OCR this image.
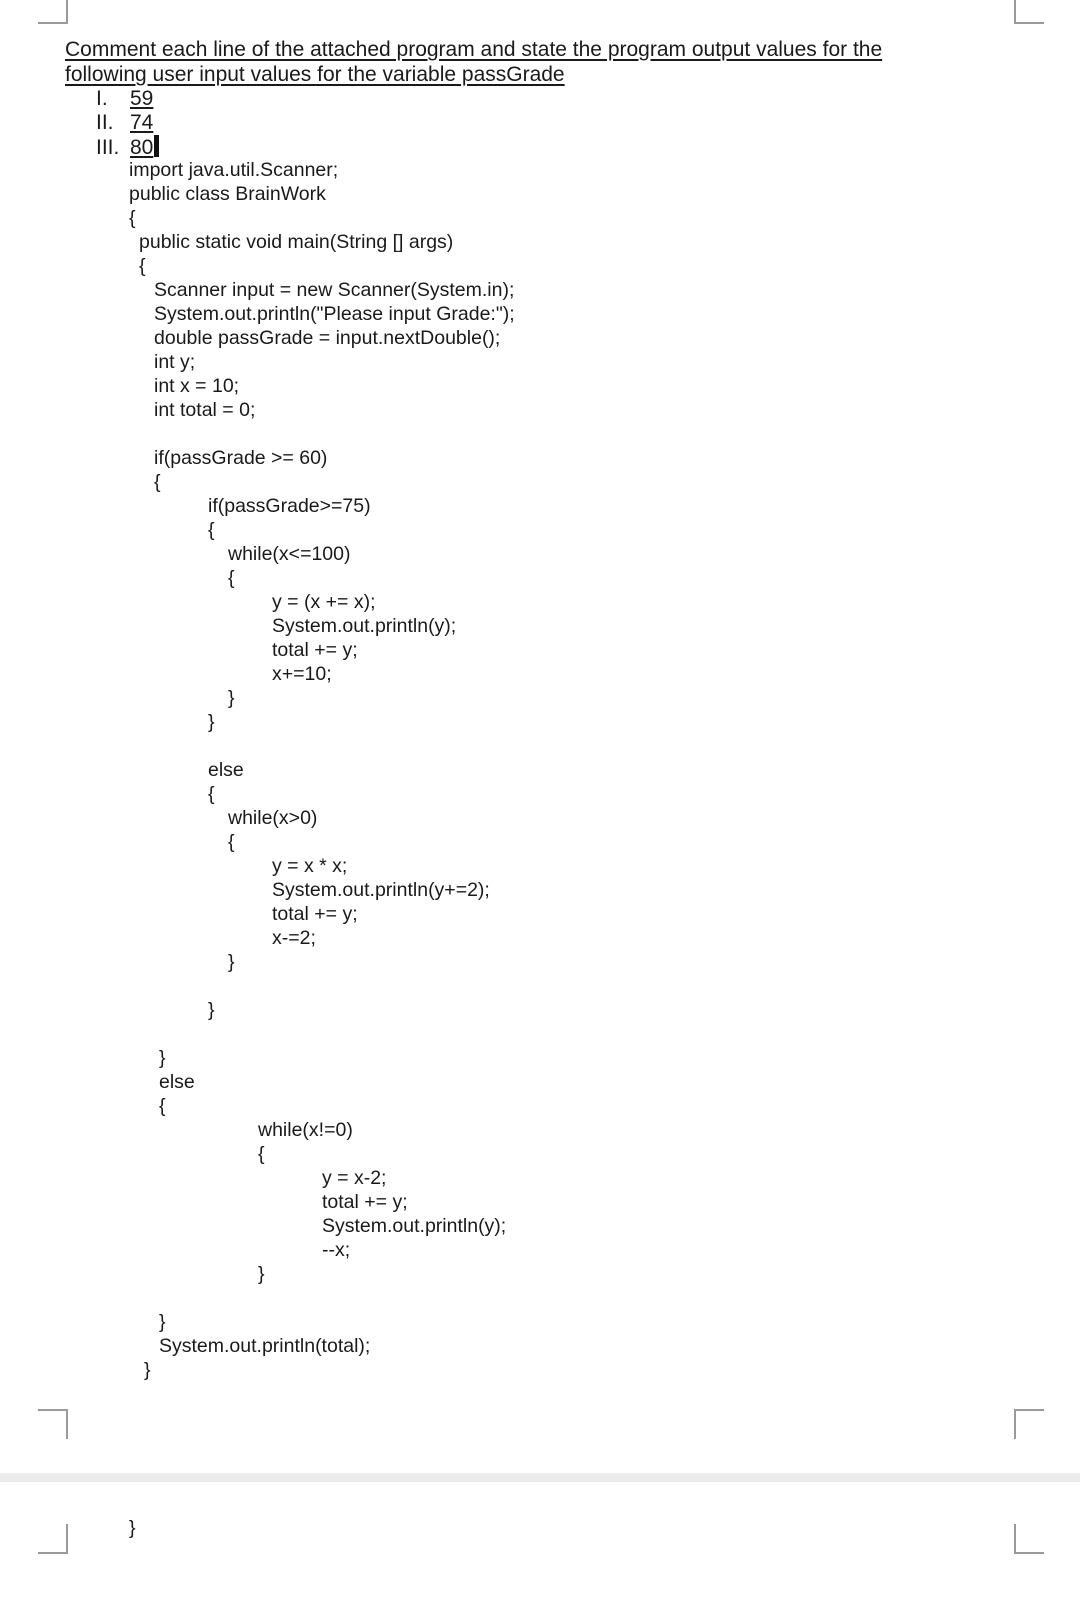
Comment each line of the attached program and state the program output values for the
following user input values for the variable passGrade
I. 59
II. 74
III. 80
import java.util.Scanner;
public class BrainWork
{
public static void main(String [] args)
{
Scanner input = new Scanner(System.in);
System.out.println("Please input Grade:");
double passGrade = input.nextDouble();
int y;
int x = 10;
int total = 0;
if(passGrade >= 60)
{
if(passGrade>=75)
{
while(x<=100)
{
y = (x += x);
System.out.println(y);
total += y;
x+=10;
}
}
else
{
while(x>0)
{
y = x * x;
System.out.println(y+=2);
total += y;
x-=2;
}
}
}
else
{
while(x!=0)
{
y = x-2;
total += y;
System.out.println(y);
--x;
}
}
System.out.println(total);
}
}
